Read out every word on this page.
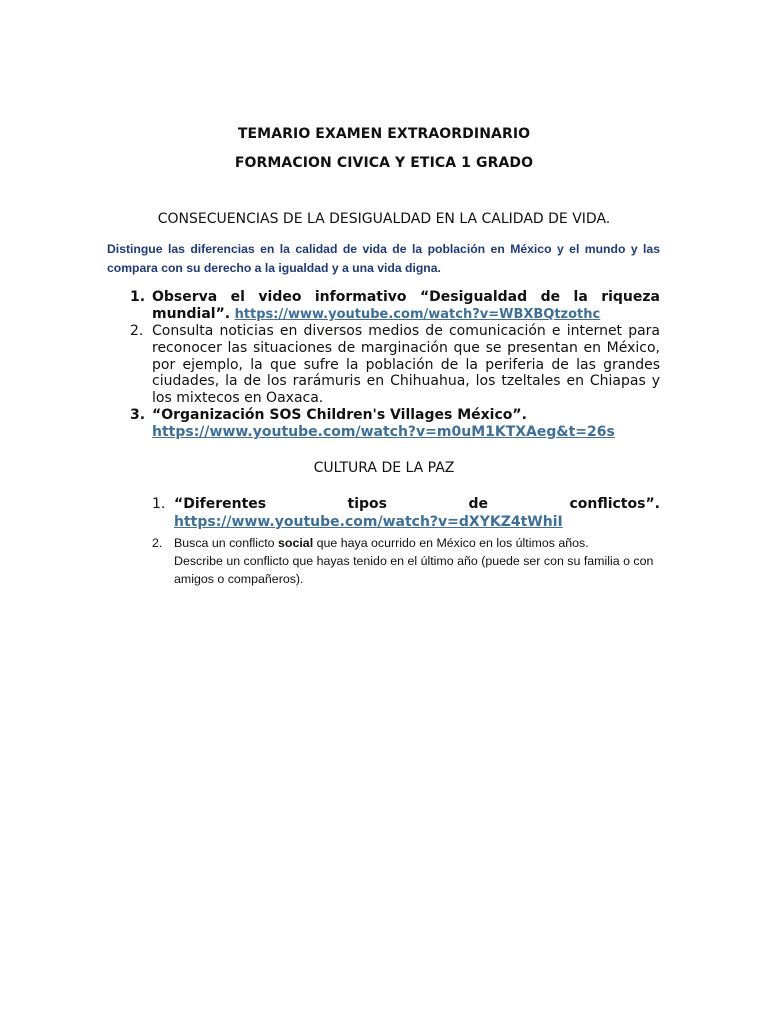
TEMARIO EXAMEN EXTRAORDINARIO
FORMACION CIVICA Y ETICA 1 GRADO
CONSECUENCIAS DE LA DESIGUALDAD EN LA CALIDAD DE VIDA.
Distingue las diferencias en la calidad de vida de la población en México y el mundo y las compara con su derecho a la igualdad y a una vida digna.
1. Observa el video informativo “Desigualdad de la riqueza mundial”. https://www.youtube.com/watch?v=WBXBQtzothc
2. Consulta noticias en diversos medios de comunicación e internet para reconocer las situaciones de marginación que se presentan en México, por ejemplo, la que sufre la población de la periferia de las grandes ciudades, la de los rarámuris en Chihuahua, los tzeltales en Chiapas y los mixtecos en Oaxaca.
3. “Organización SOS Children's Villages México”.
https://www.youtube.com/watch?v=m0uM1KTXAeg&t=26s
CULTURA DE LA PAZ
1. “Diferentes	tipos	de	conflictos”.
https://www.youtube.com/watch?v=dXYKZ4tWhiI
2. Busca un conflicto social que haya ocurrido en México en los últimos años.
Describe un conflicto que hayas tenido en el último año (puede ser con su familia o con amigos o compañeros).
